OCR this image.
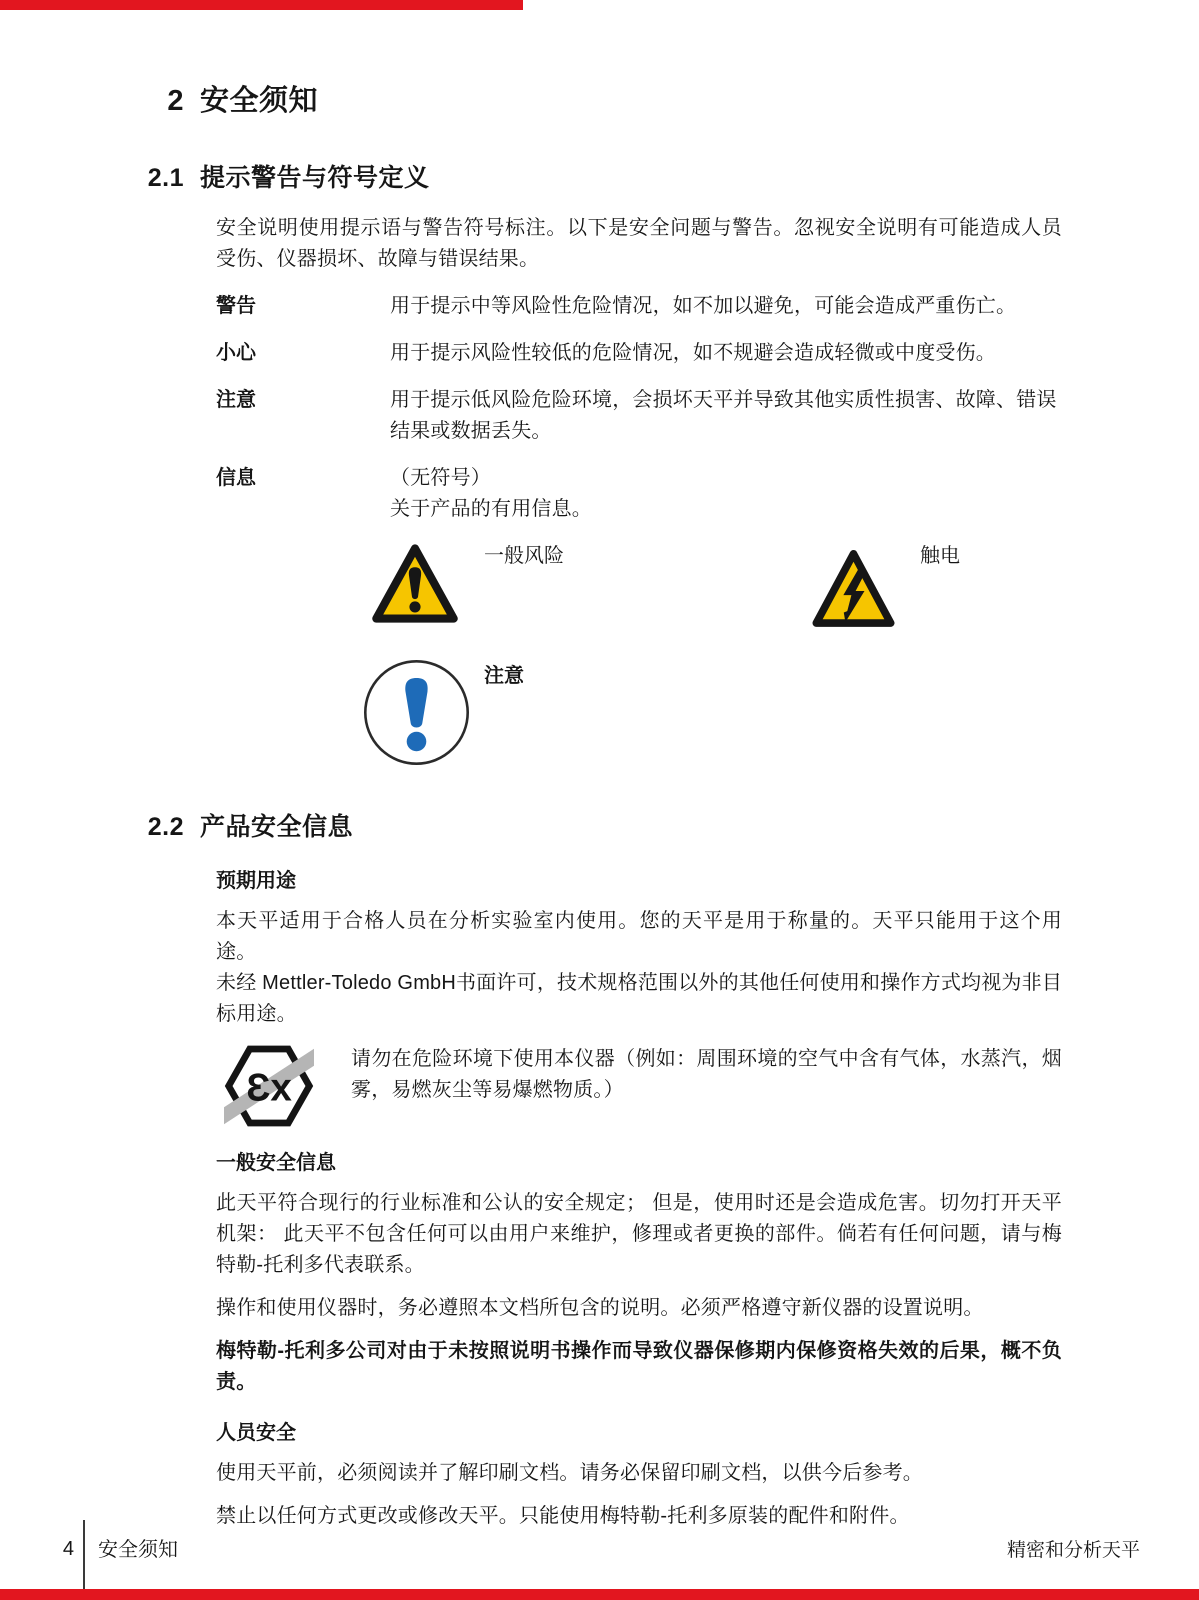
2 安全须知
2.1 提示警告与符号定义

安全说明使用提示语与警告符号标注。以下是安全问题与警告。忽视安全说明有可能造成人员受伤、仪器损坏、故障与错误结果。

警告	用于提示中等风险性危险情况，如不加以避免，可能会造成严重伤亡。
小心	用于提示风险性较低的危险情况，如不规避会造成轻微或中度受伤。
注意	用于提示低风险危险环境，会损坏天平并导致其他实质性损害、故障、错误结果或数据丢失。
信息	（无符号）
关于产品的有用信息。
一般风险	触电
注意
2.2 产品安全信息
预期用途

本天平适用于合格人员在分析实验室内使用。您的天平是用于称量的。天平只能用于这个用途。

未经 Mettler-Toledo GmbH书面许可，技术规格范围以外的其他任何使用和操作方式均视为非目标用途。

Ɛx

请勿在危险环境下使用本仪器（例如：周围环境的空气中含有气体，水蒸汽，烟雾，易燃灰尘等易爆燃物质。）

一般安全信息

此天平符合现行的行业标准和公认的安全规定； 但是，使用时还是会造成危害。切勿打开天平机架： 此天平不包含任何可以由用户来维护，修理或者更换的部件。倘若有任何问题，请与梅特勒-托利多代表联系。

操作和使用仪器时，务必遵照本文档所包含的说明。必须严格遵守新仪器的设置说明。

梅特勒-托利多公司对由于未按照说明书操作而导致仪器保修期内保修资格失效的后果，概不负责。

人员安全

使用天平前，必须阅读并了解印刷文档。请务必保留印刷文档，以供今后参考。

禁止以任何方式更改或修改天平。只能使用梅特勒-托利多原装的配件和附件。

4 安全须知	精密和分析天平
